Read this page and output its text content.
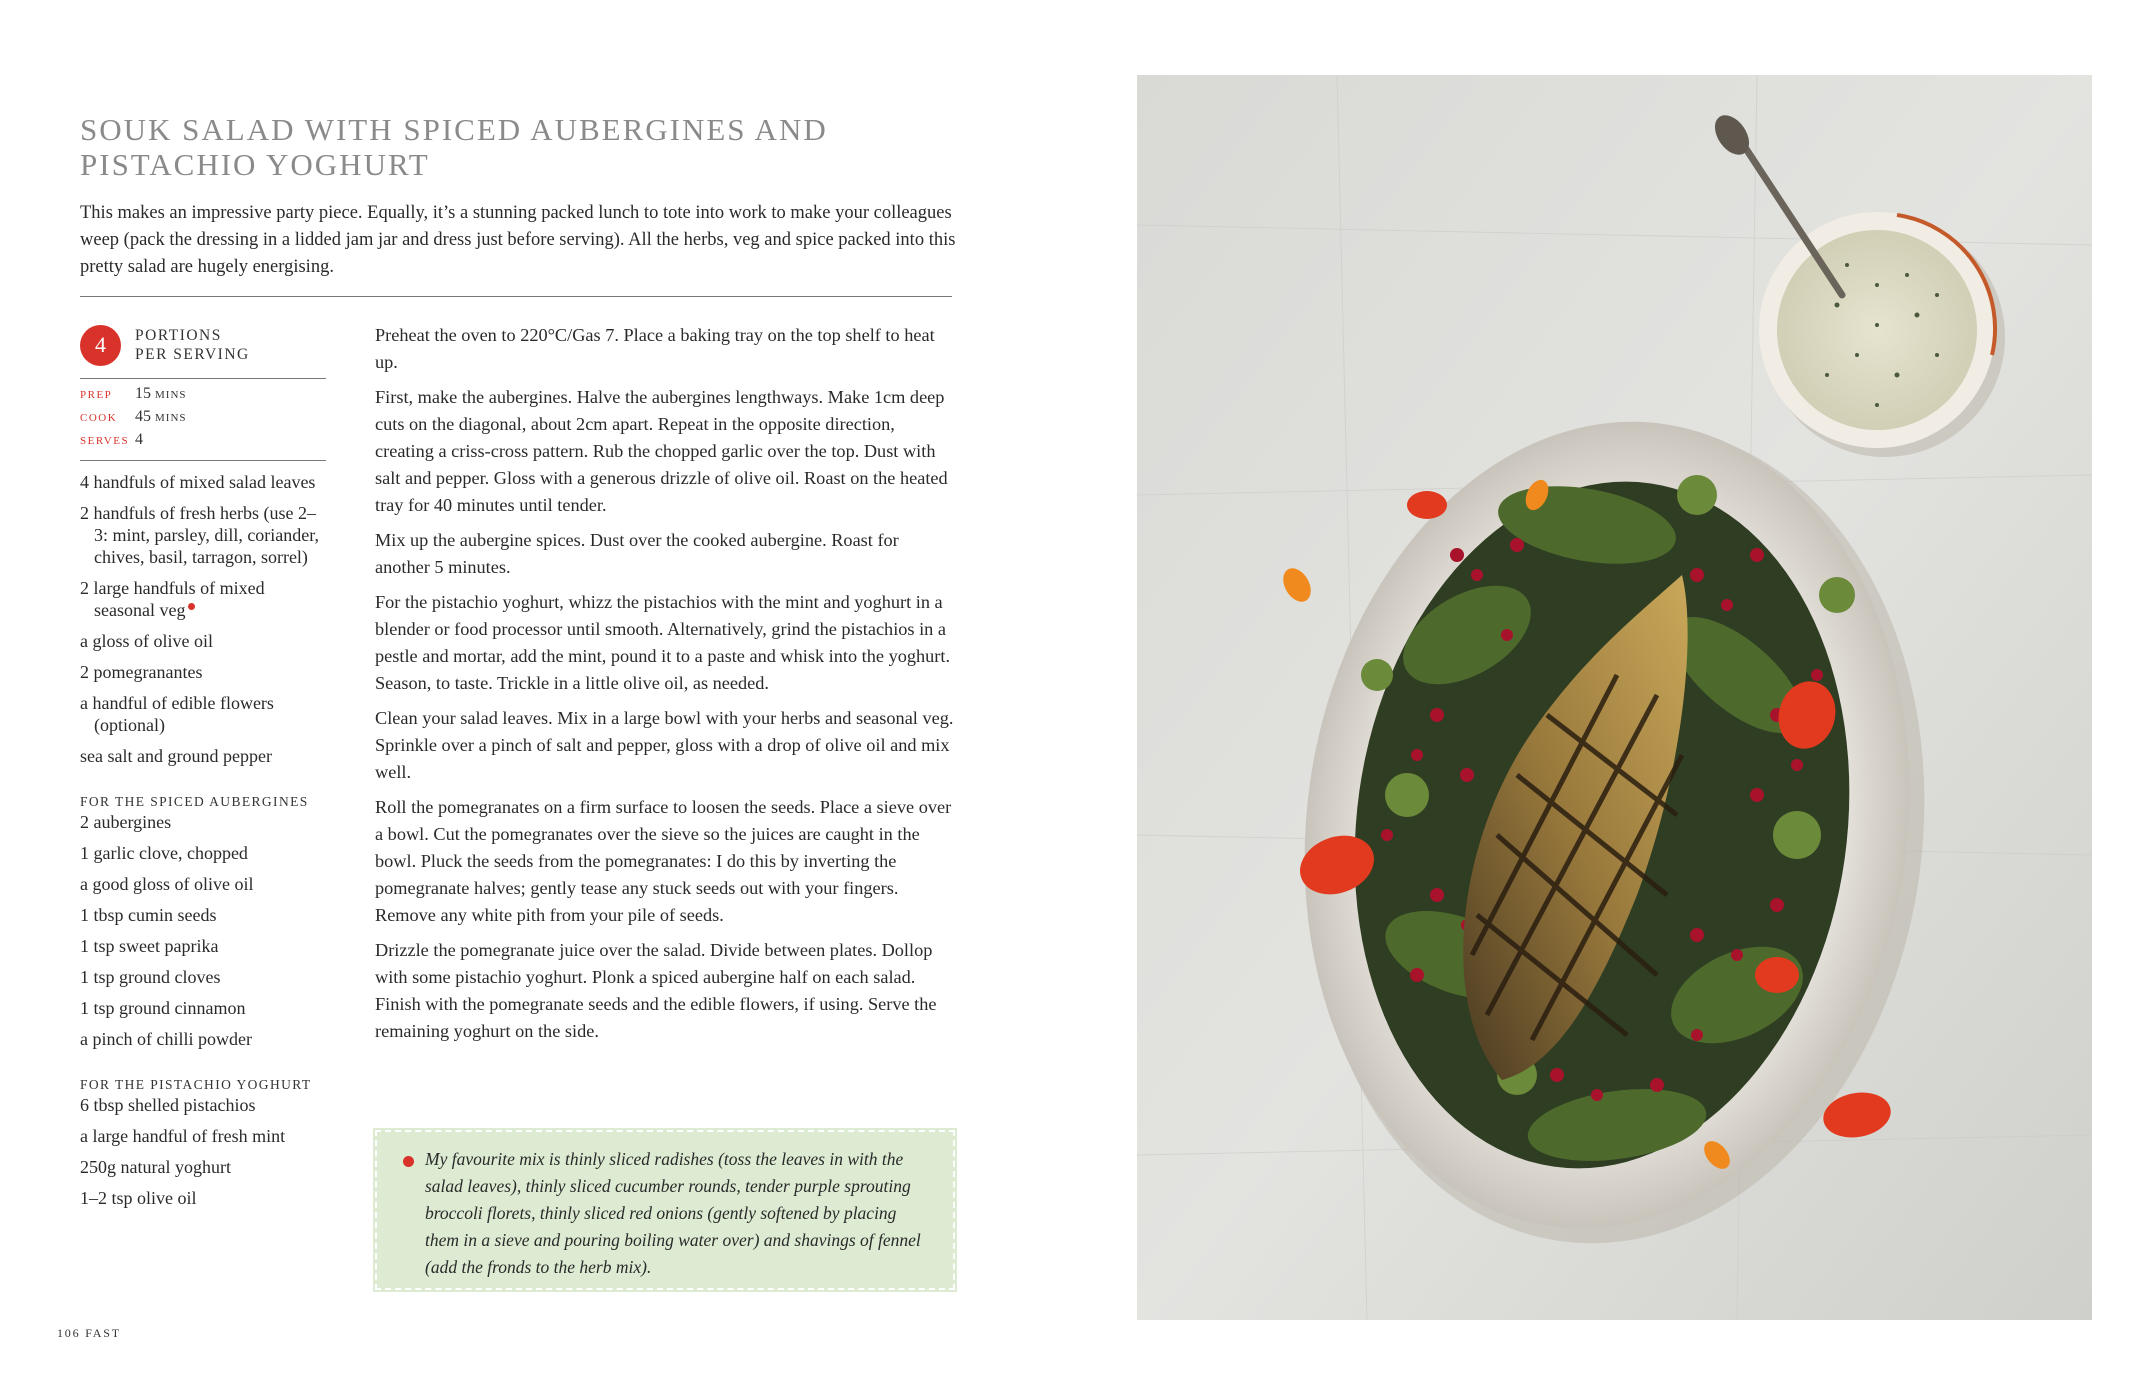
SOUK SALAD WITH SPICED AUBERGINES AND
PISTACHIO YOGHURT

This makes an impressive party piece. Equally, it’s a stunning packed lunch to tote into work to make your colleagues weep (pack the dressing in a lidded jam jar and dress just before serving). All the herbs, veg and spice packed into this pretty salad are hugely energising.

4	PORTIONS
PER SERVING
PREP	15 MINS
COOK	45 MINS
SERVES 4
4 handfuls of mixed salad leaves
2 handfuls of fresh herbs (use 2–3: mint, parsley, dill, coriander, chives, basil, tarragon, sorrel)
2 large handfuls of mixed seasonal veg
a gloss of olive oil
2 pomegranantes
a handful of edible flowers (optional)
sea salt and ground pepper
FOR THE SPICED AUBERGINES
2 aubergines
1 garlic clove, chopped
a good gloss of olive oil
1 tbsp cumin seeds
1 tsp sweet paprika
1 tsp ground cloves
1 tsp ground cinnamon
a pinch of chilli powder
FOR THE PISTACHIO YOGHURT
6 tbsp shelled pistachios
a large handful of fresh mint
250g natural yoghurt
1–2 tsp olive oil

Preheat the oven to 220°C/Gas 7. Place a baking tray on the top shelf to heat up.

First, make the aubergines. Halve the aubergines lengthways. Make 1cm deep cuts on the diagonal, about 2cm apart. Repeat in the opposite direction, creating a criss-cross pattern. Rub the chopped garlic over the top. Dust with salt and pepper. Gloss with a generous drizzle of olive oil. Roast on the heated tray for 40 minutes until tender.

Mix up the aubergine spices. Dust over the cooked aubergine. Roast for another 5 minutes.

For the pistachio yoghurt, whizz the pistachios with the mint and yoghurt in a blender or food processor until smooth. Alternatively, grind the pistachios in a pestle and mortar, add the mint, pound it to a paste and whisk into the yoghurt. Season, to taste. Trickle in a little olive oil, as needed.

Clean your salad leaves. Mix in a large bowl with your herbs and seasonal veg. Sprinkle over a pinch of salt and pepper, gloss with a drop of olive oil and mix well.

Roll the pomegranates on a firm surface to loosen the seeds. Place a sieve over a bowl. Cut the pomegranates over the sieve so the juices are caught in the bowl. Pluck the seeds from the pomegranates: I do this by inverting the pomegranate halves; gently tease any stuck seeds out with your fingers. Remove any white pith from your pile of seeds.

Drizzle the pomegranate juice over the salad. Divide between plates. Dollop with some pistachio yoghurt. Plonk a spiced aubergine half on each salad. Finish with the pomegranate seeds and the edible flowers, if using. Serve the remaining yoghurt on the side.

My favourite mix is thinly sliced radishes (toss the leaves in with the salad leaves), thinly sliced cucumber rounds, tender purple sprouting broccoli florets, thinly sliced red onions (gently softened by placing them in a sieve and pouring boiling water over) and shavings of fennel (add the fronds to the herb mix).

106 FAST
